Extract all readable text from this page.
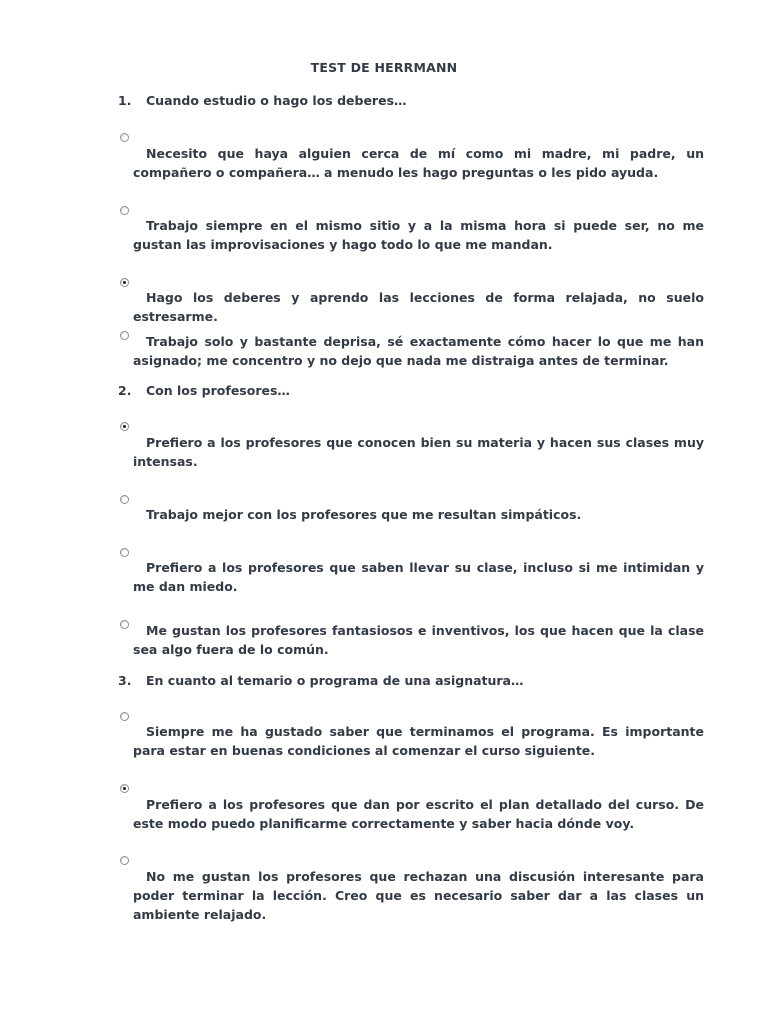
TEST DE HERRMANN
1. Cuando estudio o hago los deberes…

Necesito que haya alguien cerca de mí como mi madre, mi padre, un compañero o compañera… a menudo les hago preguntas o les pido ayuda.

Trabajo siempre en el mismo sitio y a la misma hora si puede ser, no me gustan las improvisaciones y hago todo lo que me mandan.

Hago los deberes y aprendo las lecciones de forma relajada, no suelo estresarme.

Trabajo solo y bastante deprisa, sé exactamente cómo hacer lo que me han asignado; me concentro y no dejo que nada me distraiga antes de terminar.

2. Con los profesores…

Prefiero a los profesores que conocen bien su materia y hacen sus clases muy intensas.

Trabajo mejor con los profesores que me resultan simpáticos.

Prefiero a los profesores que saben llevar su clase, incluso si me intimidan y me dan miedo.

Me gustan los profesores fantasiosos e inventivos, los que hacen que la clase sea algo fuera de lo común.

3. En cuanto al temario o programa de una asignatura…

Siempre me ha gustado saber que terminamos el programa. Es importante para estar en buenas condiciones al comenzar el curso siguiente.

Prefiero a los profesores que dan por escrito el plan detallado del curso. De este modo puedo planificarme correctamente y saber hacia dónde voy.

No me gustan los profesores que rechazan una discusión interesante para poder terminar la lección. Creo que es necesario saber dar a las clases un ambiente relajado.
